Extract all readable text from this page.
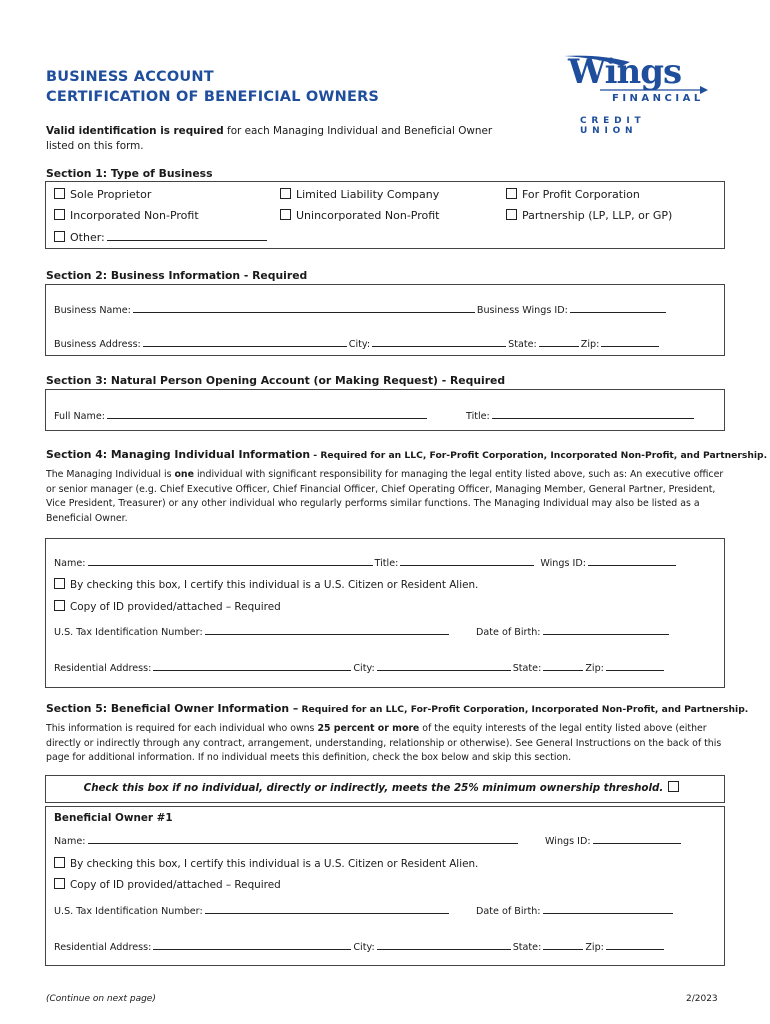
BUSINESS ACCOUNT
CERTIFICATION OF BENEFICIAL OWNERS
Valid identification is required for each Managing Individual and Beneficial Owner
listed on this form.
Wings
FINANCIAL
CREDIT UNION
Section 1: Type of Business
Sole Proprietor	Limited Liability Company	For Profit Corporation
Incorporated Non-Profit	Unincorporated Non-Profit	Partnership (LP, LLP, or GP)
Other:
Section 2: Business Information - Required
Business Name:	Business Wings ID:
Business Address:	City:	State:	Zip:
Section 3: Natural Person Opening Account (or Making Request) - Required
Full Name:	Title:
Section 4: Managing Individual Information - Required for an LLC, For-Profit Corporation, Incorporated Non-Profit, and Partnership.
The Managing Individual is one individual with significant responsibility for managing the legal entity listed above, such as: An executive officer or senior manager (e.g. Chief Executive Officer, Chief Financial Officer, Chief Operating Officer, Managing Member, General Partner, President, Vice President, Treasurer) or any other individual who regularly performs similar functions. The Managing Individual may also be listed as a Beneficial Owner.
Name:	Title:	Wings ID:
By checking this box, I certify this individual is a U.S. Citizen or Resident Alien.
Copy of ID provided/attached – Required
U.S. Tax Identification Number:	Date of Birth:
Residential Address:	City:	State:	Zip:
Section 5: Beneficial Owner Information – Required for an LLC, For-Profit Corporation, Incorporated Non-Profit, and Partnership.
This information is required for each individual who owns 25 percent or more of the equity interests of the legal entity listed above (either directly or indirectly through any contract, arrangement, understanding, relationship or otherwise). See General Instructions on the back of this page for additional information. If no individual meets this definition, check the box below and skip this section.
Check this box if no individual, directly or indirectly, meets the 25% minimum ownership threshold.
Beneficial Owner #1
Name:	Wings ID:
By checking this box, I certify this individual is a U.S. Citizen or Resident Alien.
Copy of ID provided/attached – Required
U.S. Tax Identification Number:	Date of Birth:
Residential Address:	City:	State:	Zip:
(Continue on next page)	2/2023
